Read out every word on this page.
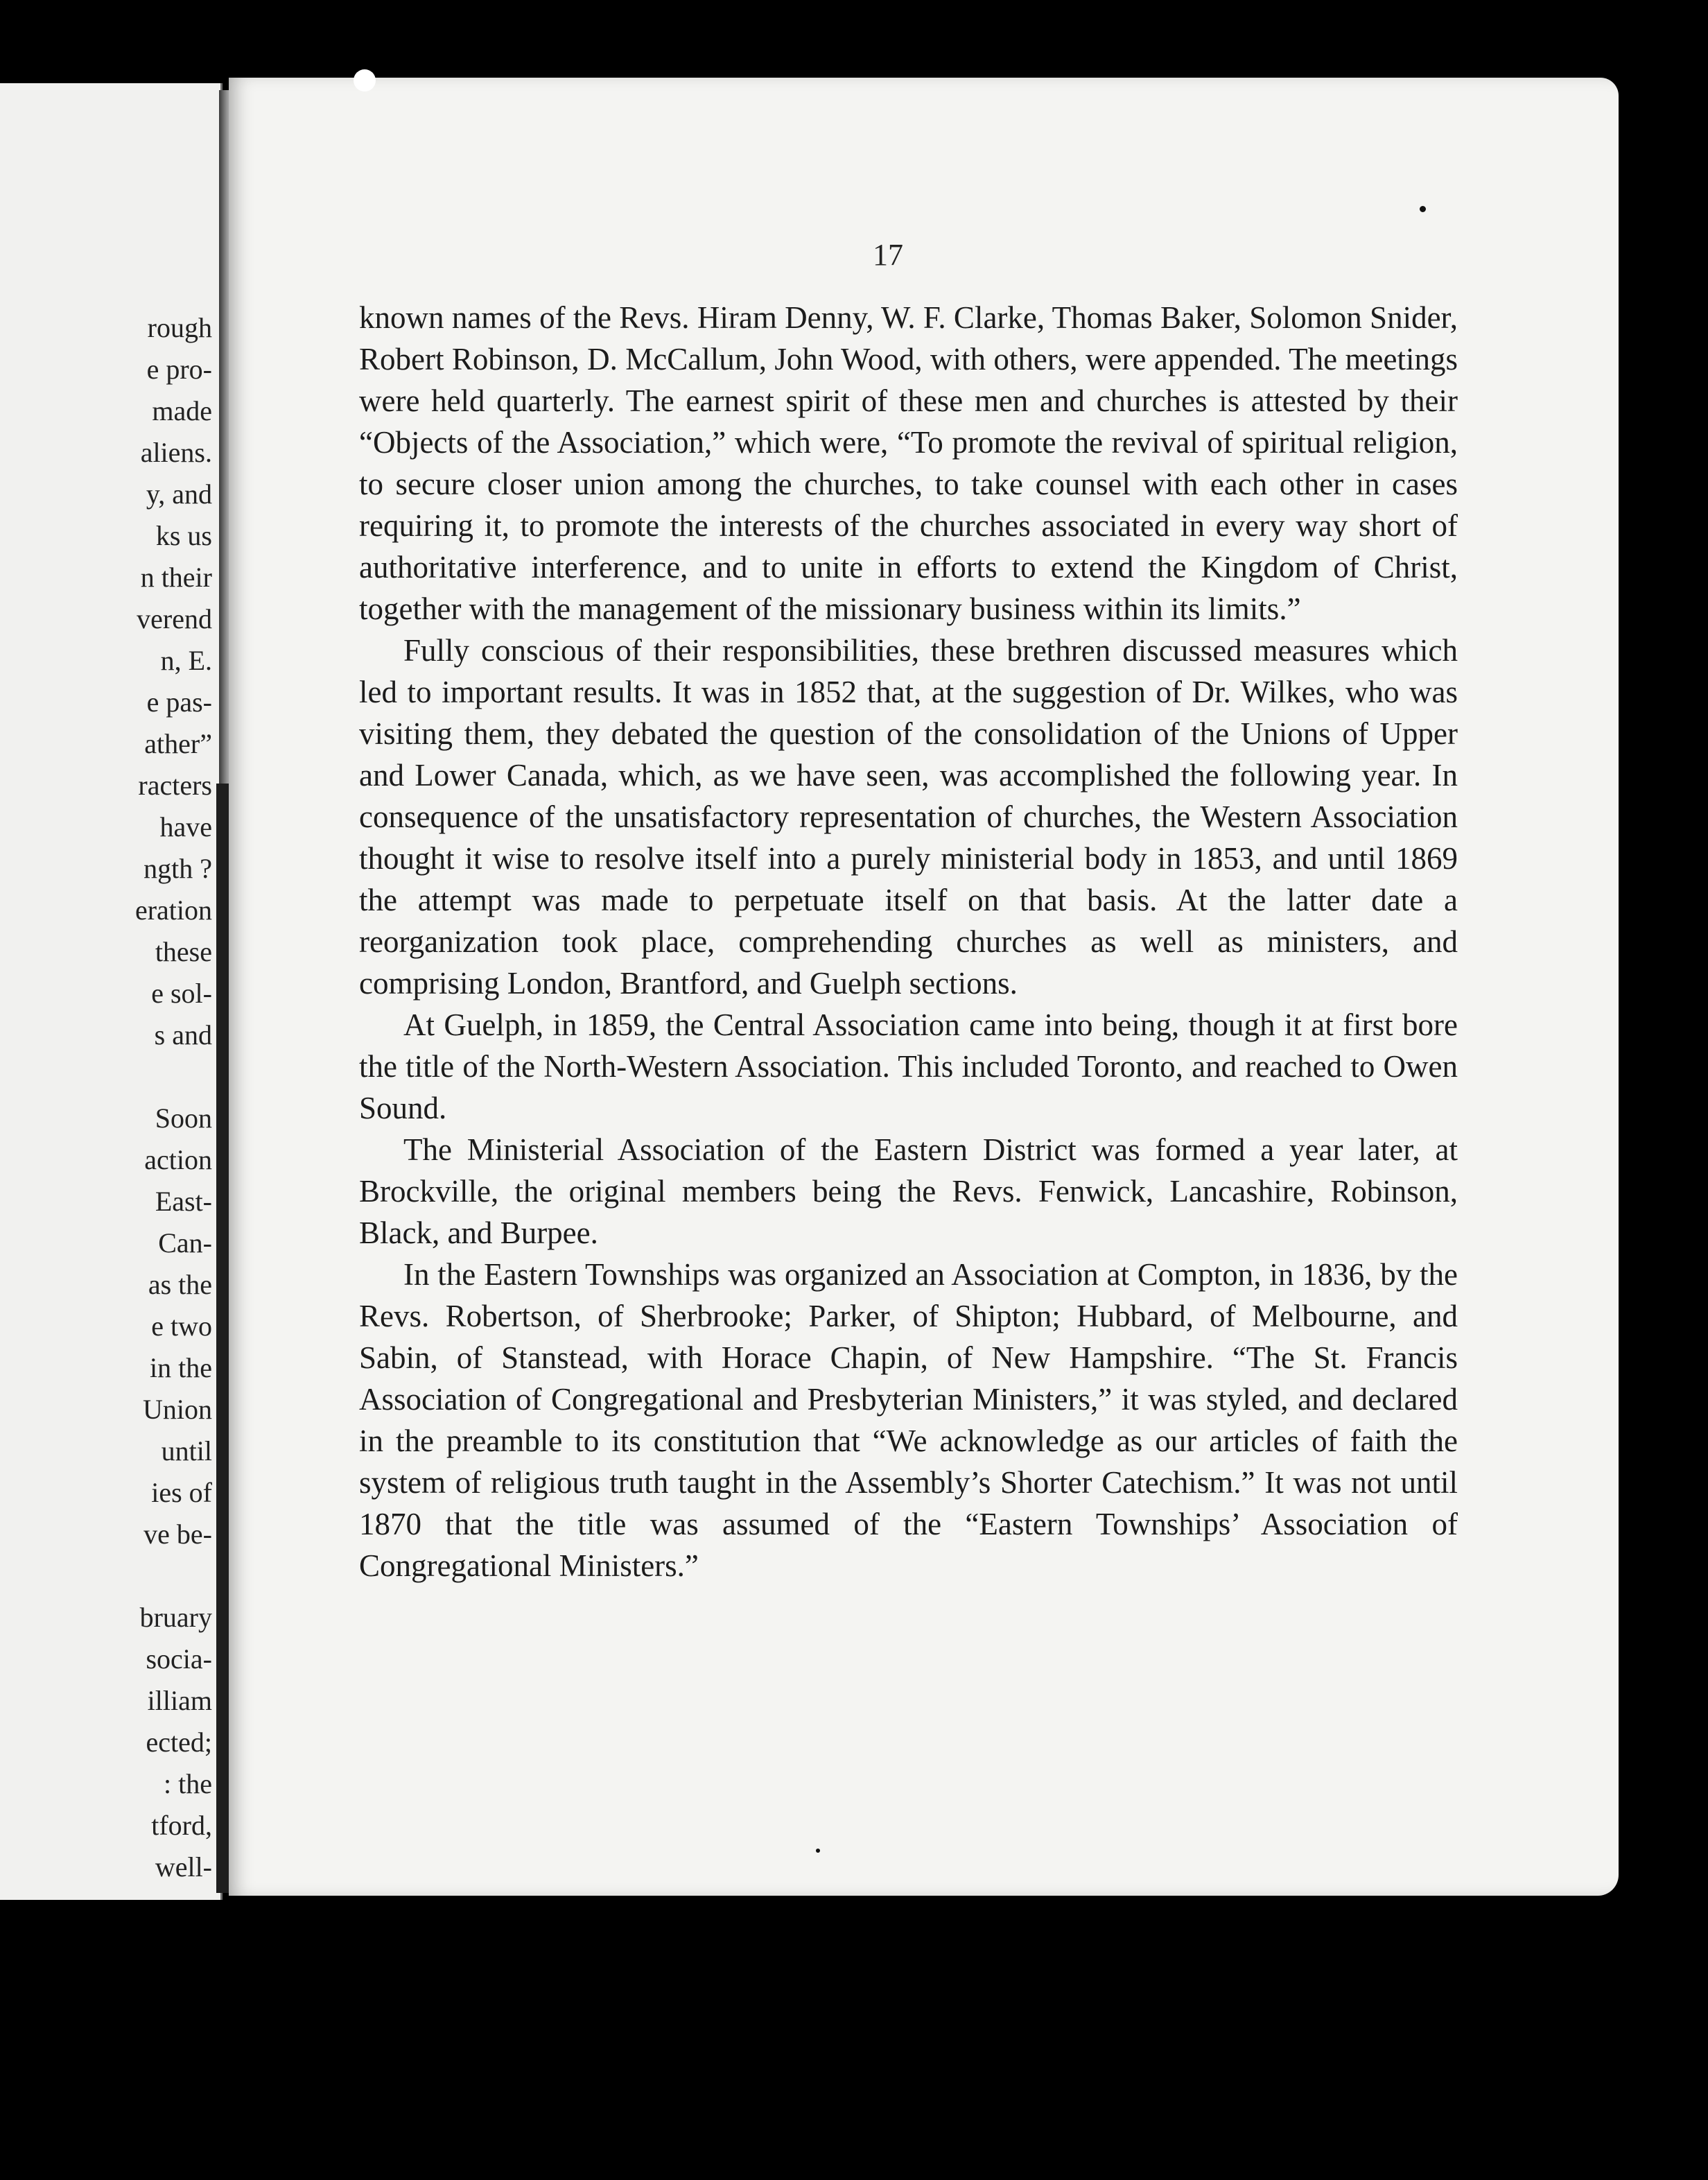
rough
e pro-
made
aliens.
y, and
ks us
n their
verend
n, E.
e pas-
ather”
racters
have
ngth ?
eration
these
e sol-
s and
Soon
action
East-
Can-
as the
e two
in the
Union
until
ies of
ve be-
bruary
socia-
illiam
ected;
: the
tford,
well-
17

known names of the Revs. Hiram Denny, W. F. Clarke, Thomas Baker, Solomon Snider, Robert Robinson, D. McCallum, John Wood, with others, were appended. The meetings were held quarterly. The earnest spirit of these men and churches is attested by their “Objects of the Association,” which were, “To promote the revival of spiritual religion, to secure closer union among the churches, to take counsel with each other in cases requiring it, to promote the interests of the churches associated in every way short of authoritative interference, and to unite in efforts to extend the Kingdom of Christ, together with the management of the missionary business within its limits.”

Fully conscious of their responsibilities, these brethren discussed measures which led to important results. It was in 1852 that, at the suggestion of Dr. Wilkes, who was visiting them, they debated the question of the consolidation of the Unions of Upper and Lower Canada, which, as we have seen, was accomplished the following year. In consequence of the unsatisfactory representation of churches, the Western Association thought it wise to resolve itself into a purely ministerial body in 1853, and until 1869 the attempt was made to perpetuate itself on that basis. At the latter date a reorganization took place, comprehending churches as well as ministers, and comprising London, Brantford, and Guelph sections.

At Guelph, in 1859, the Central Association came into being, though it at first bore the title of the North-Western Association. This included Toronto, and reached to Owen Sound.

The Ministerial Association of the Eastern District was formed a year later, at Brockville, the original members being the Revs. Fenwick, Lancashire, Robinson, Black, and Burpee.

In the Eastern Townships was organized an Association at Compton, in 1836, by the Revs. Robertson, of Sherbrooke; Parker, of Shipton; Hubbard, of Melbourne, and Sabin, of Stanstead, with Horace Chapin, of New Hampshire. “The St. Francis Association of Congregational and Presbyterian Ministers,” it was styled, and declared in the preamble to its constitution that “We acknowledge as our articles of faith the system of religious truth taught in the Assembly’s Shorter Catechism.” It was not until 1870 that the title was assumed of the “Eastern Townships’ Association of Congregational Ministers.”
